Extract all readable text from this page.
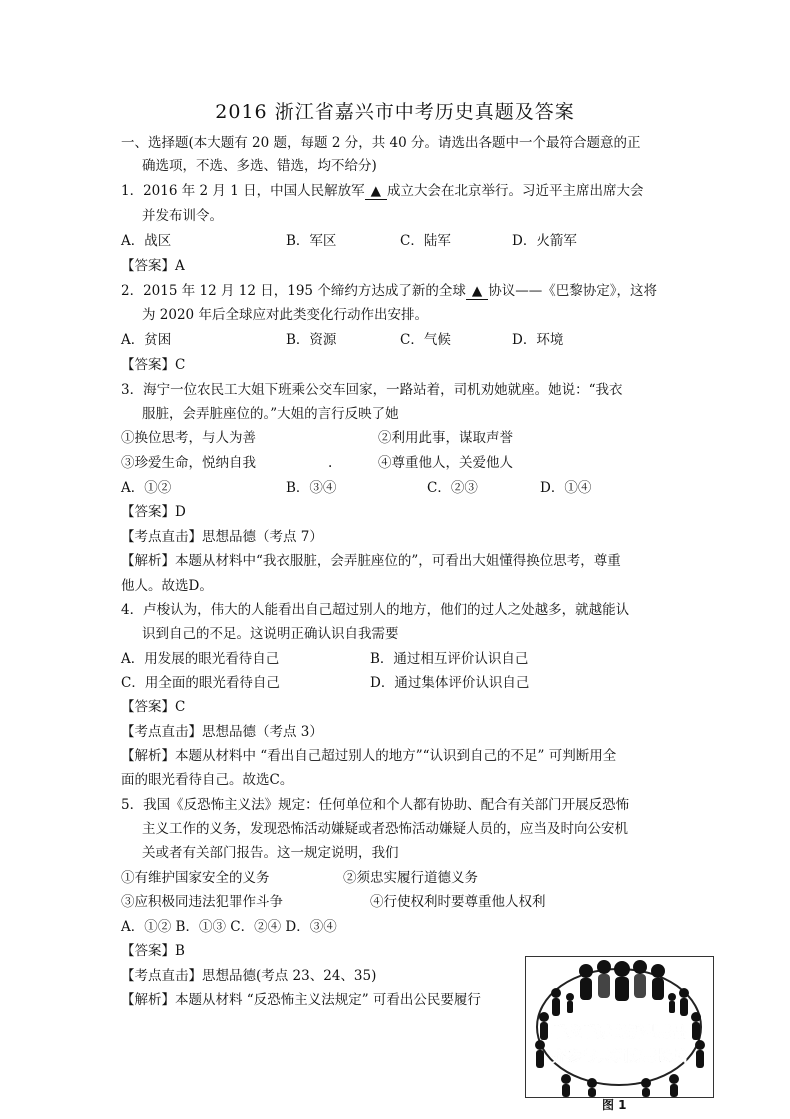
2016 浙江省嘉兴市中考历史真题及答案
一、选择题(本大题有 20 题，每题 2 分，共 40 分。请选出各题中一个最符合题意的正
确选项，不选、多选、错选，均不给分)
1．2016 年 2 月 1 日，中国人民解放军 ▲ 成立大会在北京举行。习近平主席出席大会
并发布训令。
A．战区	B．军区	C．陆军	D．火箭军
【答案】A
2．2015 年 12 月 12 日，195 个缔约方达成了新的全球 ▲ 协议——《巴黎协定》，这将
为 2020 年后全球应对此类变化行动作出安排。
A．贫困	B．资源	C．气候	D．环境
【答案】C
3．海宁一位农民工大姐下班乘公交车回家，一路站着，司机劝她就座。她说：“我衣
服脏，会弄脏座位的。”大姐的言行反映了她
①换位思考，与人为善	②利用此事，谋取声誉
③珍爱生命，悦纳自我	.	④尊重他人，关爱他人
A．①②	B．③④	C．②③	D．①④
【答案】D
【考点直击】思想品德（考点 7）
【解析】本题从材料中“我衣服脏，会弄脏座位的”，可看出大姐懂得换位思考，尊重
他人。故选D。
4．卢梭认为，伟大的人能看出自己超过别人的地方，他们的过人之处越多，就越能认
识到自己的不足。这说明正确认识自我需要
A．用发展的眼光看待自己	B．通过相互评价认识自己
C．用全面的眼光看待自己	D．通过集体评价认识自己
【答案】C
【考点直击】思想品德（考点 3）
【解析】本题从材料中 “看出自己超过别人的地方”“认识到自己的不足” 可判断用全
面的眼光看待自己。故选C。
5．我国《反恐怖主义法》规定：任何单位和个人都有协助、配合有关部门开展反恐怖
主义工作的义务，发现恐怖活动嫌疑或者恐怖活动嫌疑人员的，应当及时向公安机
关或者有关部门报告。这一规定说明，我们
①有维护国家安全的义务	②须忠实履行道德义务
③应积极同违法犯罪作斗争	④行使权利时要尊重他人权利
A．①② B．①③ C．②④ D．③④
【答案】B
【考点直击】思想品德(考点 23、24、35)
【解析】本题从材料 “反恐怖主义法规定” 可看出公民要履行
手拉手远离新型毒品
齐参与共筑防毒长城
图 1
